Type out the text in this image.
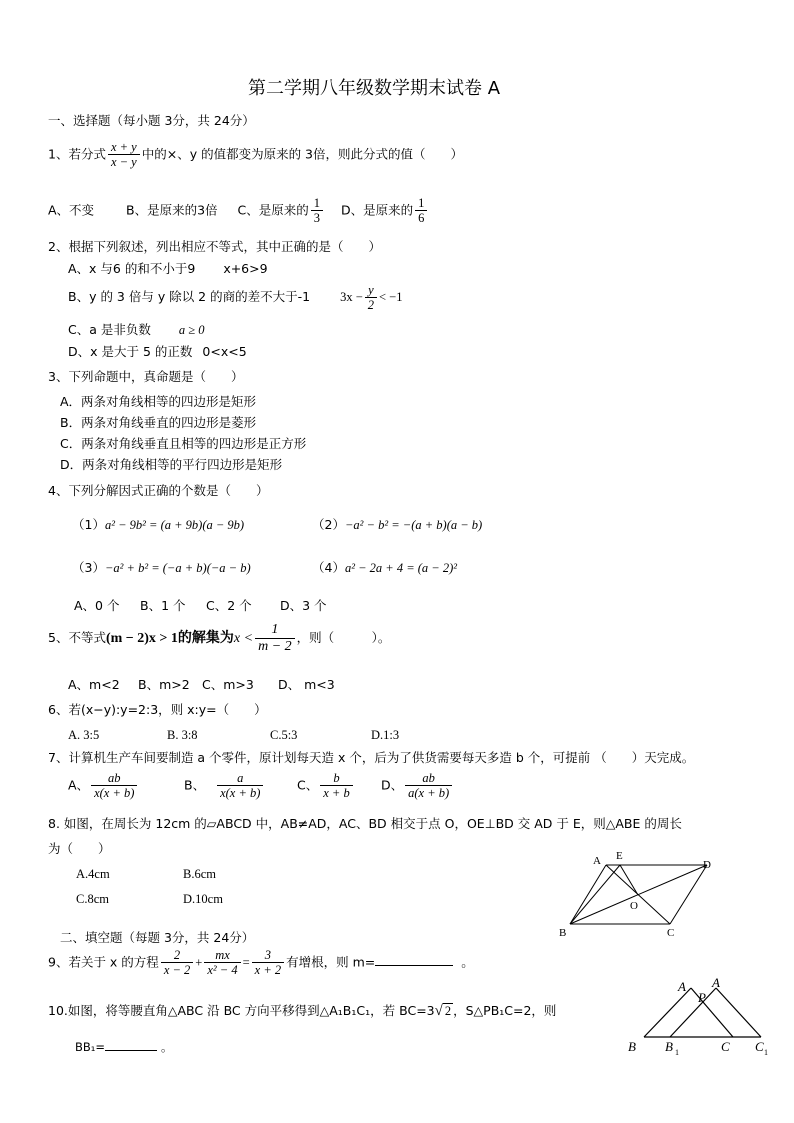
第二学期八年级数学期末试卷 A
一、选择题（每小题 3分，共 24分）
1、若分式 $\frac{x + y}{x - y}$ 中的×、y 的值都变为原来的 3倍，则此分式的值（　　）
A、不变	B、是原来的3倍 C、是原来的 $\frac{1}{3}$ D、是原来的 $\frac{1}{6}$
2、根据下列叙述，列出相应不等式，其中正确的是（　　）
A、x 与6 的和不小于9 x+6>9
B、y 的 3 倍与 y 除以 2 的商的差不大于-1 $3x - \frac{y}{2} < -1$
C、a 是非负数 a ≥ 0
D、x 是大于 5 的正数 0<x<5
3、下列命题中，真命题是（　　）
A．两条对角线相等的四边形是矩形
B．两条对角线垂直的四边形是菱形
C．两条对角线垂直且相等的四边形是正方形
D．两条对角线相等的平行四边形是矩形
4、下列分解因式正确的个数是（　　）
（1）a² − 9b² = (a + 9b)(a − 9b)	（2）−a² − b² = −(a + b)(a − b)
（3）−a² + b² = (−a + b)(−a − b)	（4）a² − 2a + 4 = (a − 2)²
A、0 个 B、1 个 C、2 个 D、3 个
5、不等式(m − 2)x > 1的解集为$x < \frac{1}{m - 2}$ ，则（　　　）。
A、m<2 B、m>2 C、m>3 D、 m<3
6、若(x−y):y=2:3，则 x:y=（　　）
A. 3:5	B. 3:8	C.5:3	D.1:3
7、计算机生产车间要制造 a 个零件，原计划每天造 x 个，后为了供货需要每天多造 b 个，可提前 （　　）天完成。
A、 $\frac{ab}{x(x + b)}$	B、 $\frac{a}{x(x + b)}$	C、 $\frac{b}{x + b}$ D、 $\frac{ab}{a(x + b)}$
8. 如图，在周长为 12cm 的▱ABCD 中，AB≠AD，AC、BD 相交于点 O，OE⊥BD 交 AD 于 E，则△ABE 的周长
为（　　）
A.4cm	B.6cm
C.8cm	D.10cm
A E
D
O
B	C
二、填空题（每题 3分，共 24分）
9、若关于 x 的方程 $\frac{2}{x - 2} + \frac{mx}{\text{x² − 4}} = \frac{3}{x + 2}$ 有增根，则 m=	。
10.如图，将等腰直角△ABC 沿 BC 方向平移得到△A₁B₁C₁，若 BC=3√ 2 ，S△PB₁C=2，则
BB₁=	。
A
P
A
B B 1	C C 1
